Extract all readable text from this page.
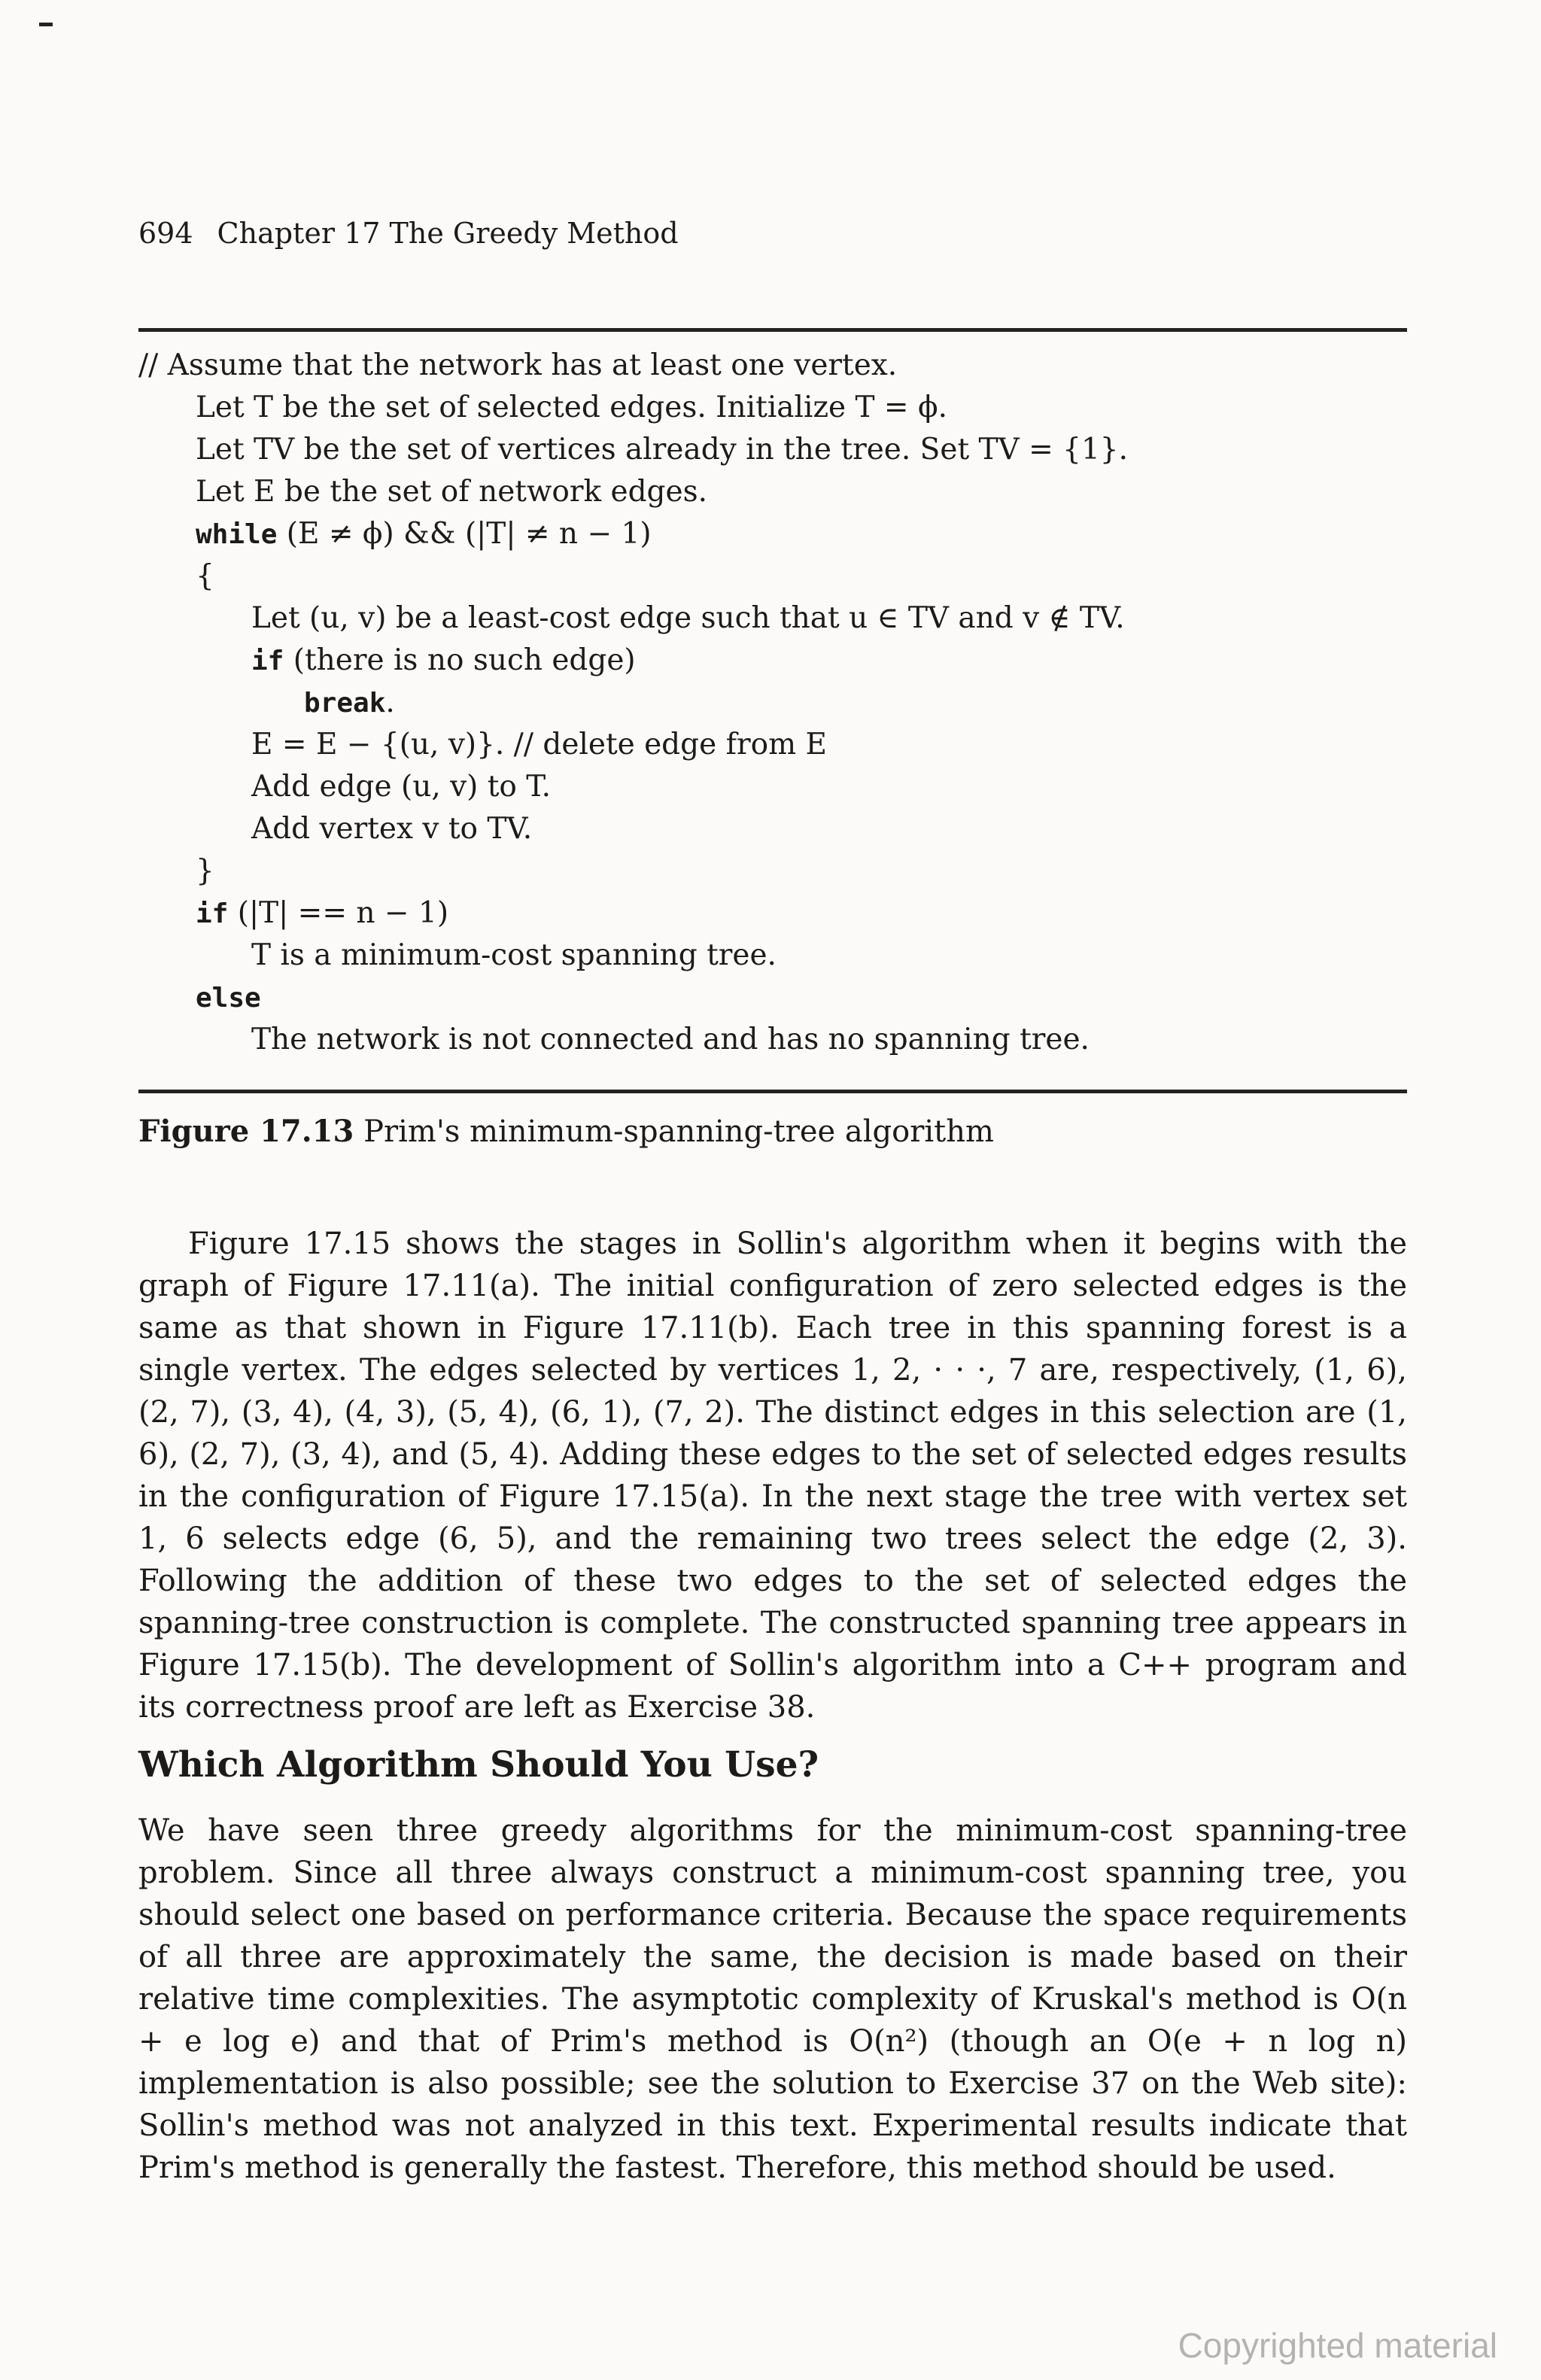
694 Chapter 17 The Greedy Method
// Assume that the network has at least one vertex.
Let T be the set of selected edges. Initialize T = ϕ.
Let TV be the set of vertices already in the tree. Set TV = {1}.
Let E be the set of network edges.
while (E ≠ ϕ) && (|T| ≠ n − 1)
{
Let (u, v) be a least-cost edge such that u ∈ TV and v ∉ TV.
if (there is no such edge)
break.
E = E − {(u, v)}. // delete edge from E
Add edge (u, v) to T.
Add vertex v to TV.
}
if (|T| == n − 1)
T is a minimum-cost spanning tree.
else
The network is not connected and has no spanning tree.
Figure 17.13 Prim's minimum-spanning-tree algorithm

Figure 17.15 shows the stages in Sollin's algorithm when it begins with the graph of Figure 17.11(a). The initial configuration of zero selected edges is the same as that shown in Figure 17.11(b). Each tree in this spanning forest is a single vertex. The edges selected by vertices 1, 2, · · ·, 7 are, respectively, (1, 6), (2, 7), (3, 4), (4, 3), (5, 4), (6, 1), (7, 2). The distinct edges in this selection are (1, 6), (2, 7), (3, 4), and (5, 4). Adding these edges to the set of selected edges results in the configuration of Figure 17.15(a). In the next stage the tree with vertex set 1, 6 selects edge (6, 5), and the remaining two trees select the edge (2, 3). Following the addition of these two edges to the set of selected edges the spanning-tree construction is complete. The constructed spanning tree appears in Figure 17.15(b). The development of Sollin's algorithm into a C++ program and its correctness proof are left as Exercise 38.

Which Algorithm Should You Use?

We have seen three greedy algorithms for the minimum-cost spanning-tree problem. Since all three always construct a minimum-cost spanning tree, you should select one based on performance criteria. Because the space requirements of all three are approximately the same, the decision is made based on their relative time complexities. The asymptotic complexity of Kruskal's method is O(n + e log e) and that of Prim's method is O(n²) (though an O(e + n log n) implementation is also possible; see the solution to Exercise 37 on the Web site): Sollin's method was not analyzed in this text. Experimental results indicate that Prim's method is generally the fastest. Therefore, this method should be used.

Copyrighted material
